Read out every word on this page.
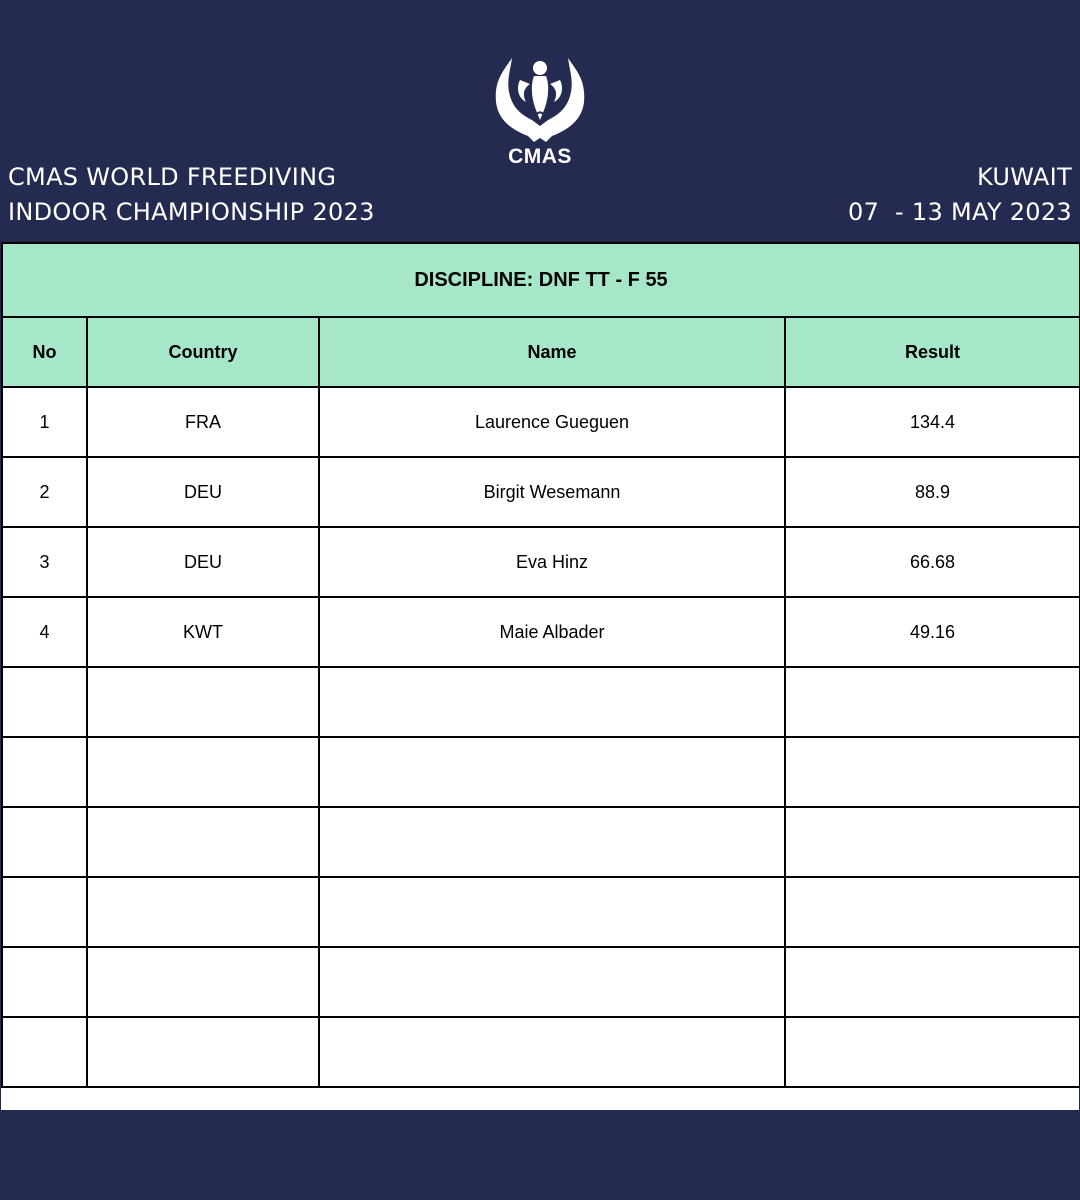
CMAS WORLD FREEDIVING
INDOOR CHAMPIONSHIP 2023
CMAS
KUWAIT
07  - 13 MAY 2023
DISCIPLINE: DNF TT - F 55			
No	Country	Name	Result
1	FRA	Laurence Gueguen	134.4
2	DEU	Birgit Wesemann	88.9
3	DEU	Eva Hinz	66.68
4	KWT	Maie Albader	49.16
